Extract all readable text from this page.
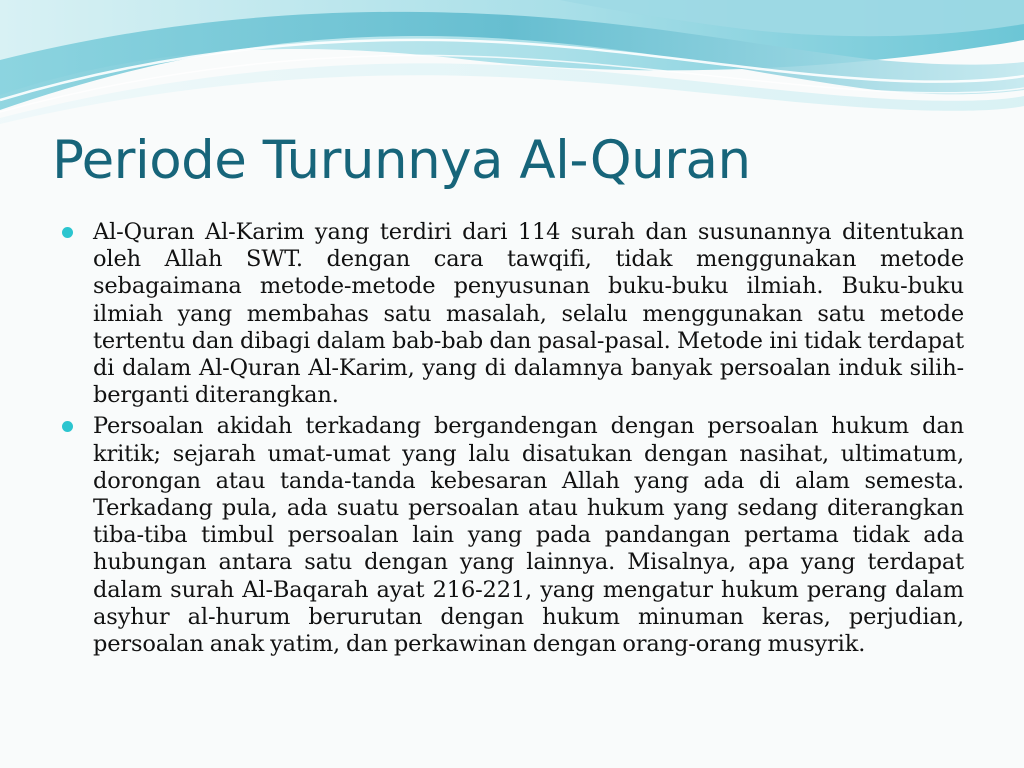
Periode Turunnya Al-Quran
Al-Quran Al-Karim yang terdiri dari 114 surah dan susunannya ditentukan oleh Allah SWT. dengan cara tawqifi, tidak menggunakan metode sebagaimana metode-metode penyusunan buku-buku ilmiah. Buku-buku ilmiah yang membahas satu masalah, selalu menggunakan satu metode tertentu dan dibagi dalam bab-bab dan pasal-pasal. Metode ini tidak terdapat di dalam Al-Quran Al-Karim, yang di dalamnya banyak persoalan induk silih-berganti diterangkan.
Persoalan akidah terkadang bergandengan dengan persoalan hukum dan kritik; sejarah umat-umat yang lalu disatukan dengan nasihat, ultimatum, dorongan atau tanda-tanda kebesaran Allah yang ada di alam semesta. Terkadang pula, ada suatu persoalan atau hukum yang sedang diterangkan tiba-tiba timbul persoalan lain yang pada pandangan pertama tidak ada hubungan antara satu dengan yang lainnya. Misalnya, apa yang terdapat dalam surah Al-Baqarah ayat 216-221, yang mengatur hukum perang dalam asyhur al-hurum berurutan dengan hukum minuman keras, perjudian, persoalan anak yatim, dan perkawinan dengan orang-orang musyrik.
